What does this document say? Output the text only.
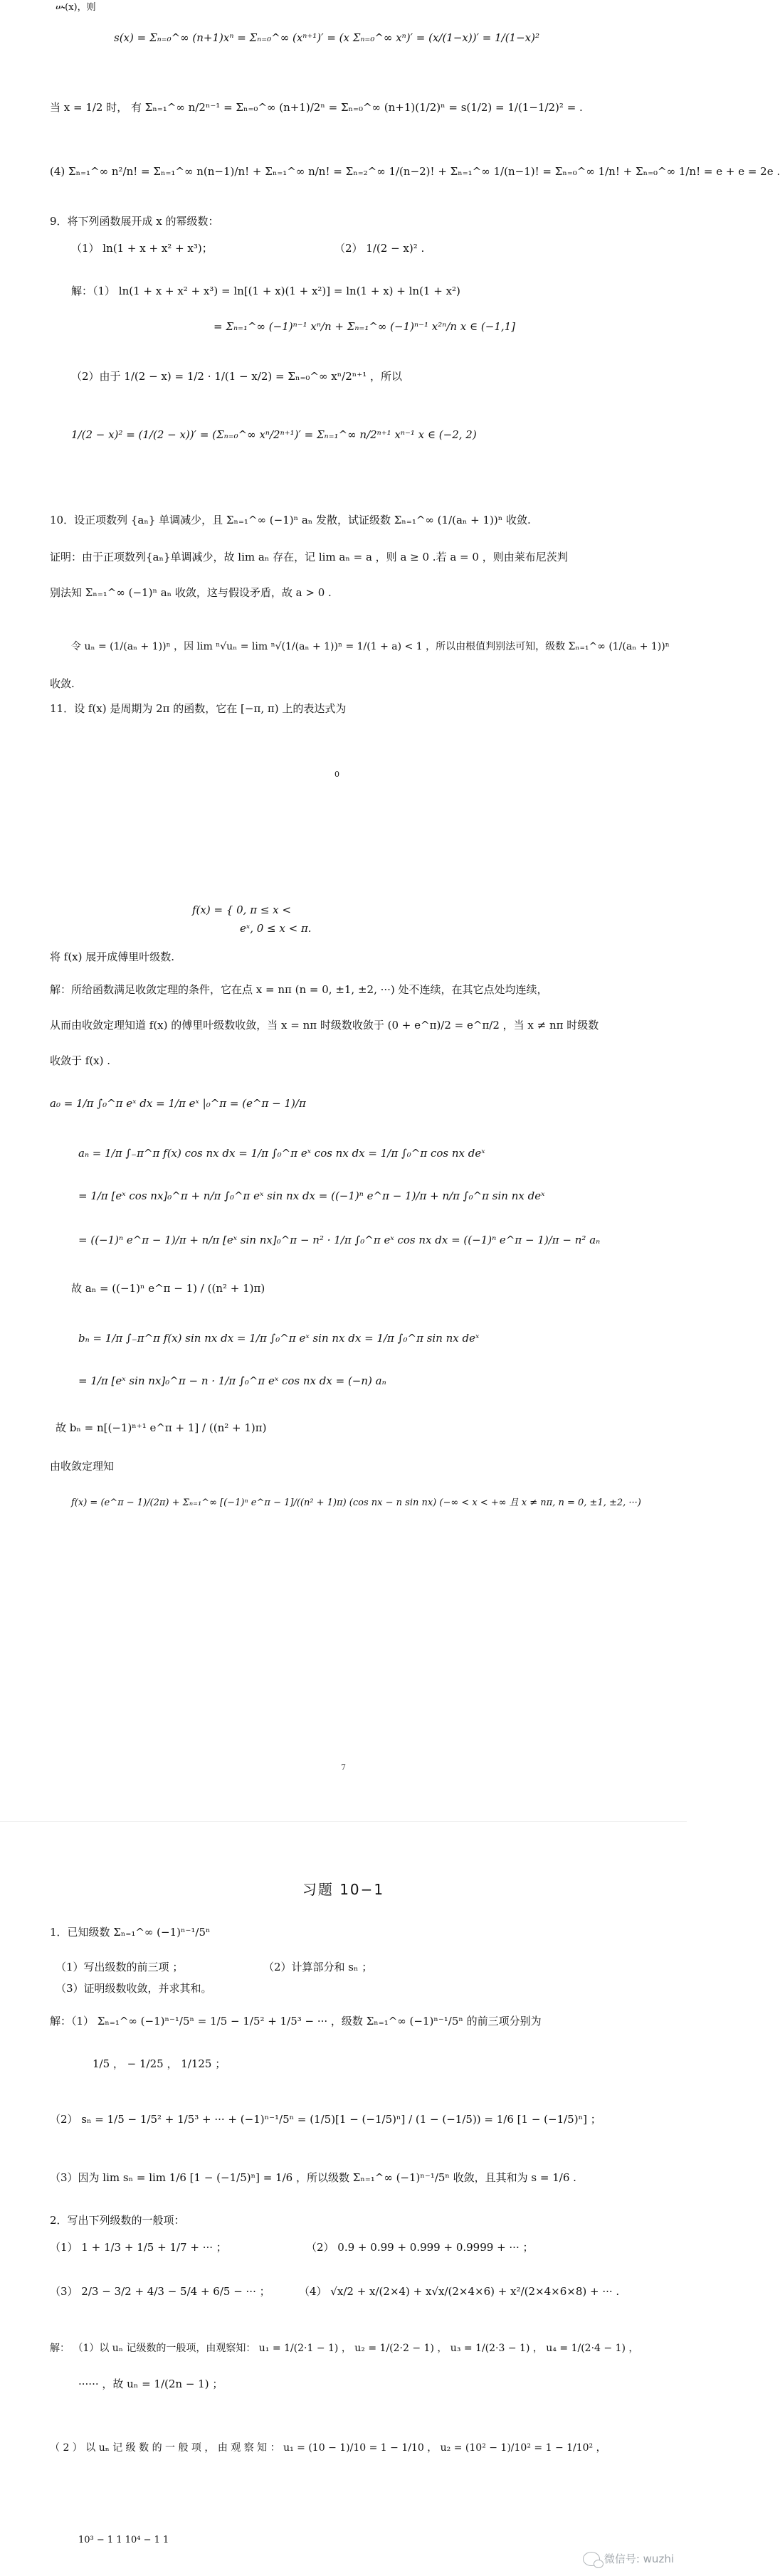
ሡ(x)，则
s(x) = Σₙ₌₀^∞ (n+1)xⁿ = Σₙ₌₀^∞ (xⁿ⁺¹)′ = (x Σₙ₌₀^∞ xⁿ)′ = (x/(1−x))′ = 1/(1−x)²
当 x = 1/2 时， 有 Σₙ₌₁^∞ n/2ⁿ⁻¹ = Σₙ₌₀^∞ (n+1)/2ⁿ = Σₙ₌₀^∞ (n+1)(1/2)ⁿ = s(1/2) = 1/(1−1/2)² = .
(4) Σₙ₌₁^∞ n²/n! = Σₙ₌₁^∞ n(n−1)/n! + Σₙ₌₁^∞ n/n! = Σₙ₌₂^∞ 1/(n−2)! + Σₙ₌₁^∞ 1/(n−1)! = Σₙ₌₀^∞ 1/n! + Σₙ₌₀^∞ 1/n! = e + e = 2e .
9．将下列函数展开成 x 的幂级数：
（1） ln(1 + x + x² + x³)；	（2） 1/(2 − x)² .
解：（1） ln(1 + x + x² + x³) = ln[(1 + x)(1 + x²)] = ln(1 + x) + ln(1 + x²)
= Σₙ₌₁^∞ (−1)ⁿ⁻¹ xⁿ/n + Σₙ₌₁^∞ (−1)ⁿ⁻¹ x²ⁿ/n x ∈ (−1,1]
（2）由于 1/(2 − x) = 1/2 · 1/(1 − x/2) = Σₙ₌₀^∞ xⁿ/2ⁿ⁺¹ ，所以
1/(2 − x)² = (1/(2 − x))′ = (Σₙ₌₀^∞ xⁿ/2ⁿ⁺¹)′ = Σₙ₌₁^∞ n/2ⁿ⁺¹ xⁿ⁻¹ x ∈ (−2, 2)
10．设正项数列 {aₙ} 单调减少，且 Σₙ₌₁^∞ (−1)ⁿ aₙ 发散，试证级数 Σₙ₌₁^∞ (1/(aₙ + 1))ⁿ 收敛.
证明：由于正项数列{aₙ}单调减少，故 lim aₙ 存在，记 lim aₙ = a ，则 a ≥ 0 .若 a = 0 ，则由莱布尼茨判
别法知 Σₙ₌₁^∞ (−1)ⁿ aₙ 收敛，这与假设矛盾，故 a > 0 .
令 uₙ = (1/(aₙ + 1))ⁿ ，因 lim ⁿ√uₙ = lim ⁿ√(1/(aₙ + 1))ⁿ = 1/(1 + a) < 1 ，所以由根值判别法可知，级数 Σₙ₌₁^∞ (1/(aₙ + 1))ⁿ
收敛.
11．设 f(x) 是周期为 2π 的函数，它在 [−π, π) 上的表达式为
0
f(x) = { 0, π ≤ x <
eˣ, 0 ≤ x < π.
将 f(x) 展开成傅里叶级数.
解：所给函数满足收敛定理的条件，它在点 x = nπ (n = 0, ±1, ±2, ···) 处不连续，在其它点处均连续，
从而由收敛定理知道 f(x) 的傅里叶级数收敛，当 x = nπ 时级数收敛于 (0 + e^π)/2 = e^π/2 ，当 x ≠ nπ 时级数
收敛于 f(x) .
a₀ = 1/π ∫₀^π eˣ dx = 1/π eˣ |₀^π = (e^π − 1)/π
aₙ = 1/π ∫₋π^π f(x) cos nx dx = 1/π ∫₀^π eˣ cos nx dx = 1/π ∫₀^π cos nx deˣ
= 1/π [eˣ cos nx]₀^π + n/π ∫₀^π eˣ sin nx dx = ((−1)ⁿ e^π − 1)/π + n/π ∫₀^π sin nx deˣ
= ((−1)ⁿ e^π − 1)/π + n/π [eˣ sin nx]₀^π − n² · 1/π ∫₀^π eˣ cos nx dx = ((−1)ⁿ e^π − 1)/π − n² aₙ
故 aₙ = ((−1)ⁿ e^π − 1) / ((n² + 1)π)
bₙ = 1/π ∫₋π^π f(x) sin nx dx = 1/π ∫₀^π eˣ sin nx dx = 1/π ∫₀^π sin nx deˣ
= 1/π [eˣ sin nx]₀^π − n · 1/π ∫₀^π eˣ cos nx dx = (−n) aₙ
故 bₙ = n[(−1)ⁿ⁺¹ e^π + 1] / ((n² + 1)π)
由收敛定理知
f(x) = (e^π − 1)/(2π) + Σₙ₌₁^∞ [(−1)ⁿ e^π − 1]/((n² + 1)π) (cos nx − n sin nx) (−∞ < x < +∞ 且 x ≠ nπ, n = 0, ±1, ±2, ···)
7
习题 10−1
1．已知级数 Σₙ₌₁^∞ (−1)ⁿ⁻¹/5ⁿ
（1）写出级数的前三项 ；	（2）计算部分和 sₙ ；
（3）证明级数收敛，并求其和。
解：（1） Σₙ₌₁^∞ (−1)ⁿ⁻¹/5ⁿ = 1/5 − 1/5² + 1/5³ − ··· ，级数 Σₙ₌₁^∞ (−1)ⁿ⁻¹/5ⁿ 的前三项分别为
1/5 ， − 1/25 ， 1/125 ；
（2） sₙ = 1/5 − 1/5² + 1/5³ + ··· + (−1)ⁿ⁻¹/5ⁿ = (1/5)[1 − (−1/5)ⁿ] / (1 − (−1/5)) = 1/6 [1 − (−1/5)ⁿ] ；
（3）因为 lim sₙ = lim 1/6 [1 − (−1/5)ⁿ] = 1/6 ，所以级数 Σₙ₌₁^∞ (−1)ⁿ⁻¹/5ⁿ 收敛，且其和为 s = 1/6 .
2．写出下列级数的一般项：
（1） 1 + 1/3 + 1/5 + 1/7 + ··· ；	（2） 0.9 + 0.99 + 0.999 + 0.9999 + ··· ；
（3） 2/3 − 3/2 + 4/3 − 5/4 + 6/5 − ··· ；	（4） √x/2 + x/(2×4) + x√x/(2×4×6) + x²/(2×4×6×8) + ··· .
解： （1）以 uₙ 记级数的一般项，由观察知： u₁ = 1/(2·1 − 1) ， u₂ = 1/(2·2 − 1) ， u₃ = 1/(2·3 − 1) ， u₄ = 1/(2·4 − 1) ，
······ ，故 uₙ = 1/(2n − 1) ；
（ 2 ） 以 uₙ 记 级 数 的 一 般 项 ， 由 观 察 知 ： u₁ = (10 − 1)/10 = 1 − 1/10 ， u₂ = (10² − 1)/10² = 1 − 1/10² ，
10³ − 1 1 10⁴ − 1 1
微信号: wuzhi
